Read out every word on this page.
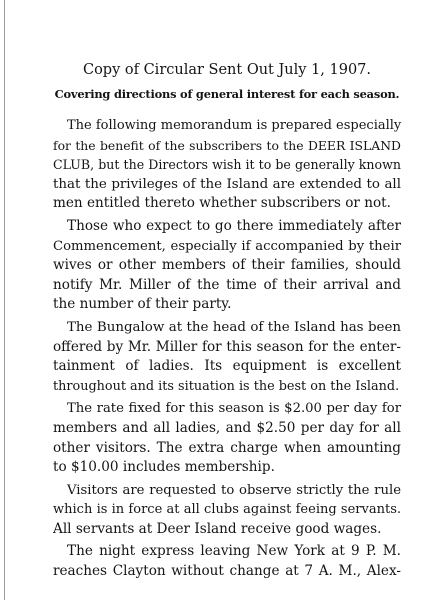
Copy of Circular Sent Out July 1, 1907.
Covering directions of general interest for each season.
The following memorandum is prepared especially
for the benefit of the subscribers to the DEER ISLAND
CLUB, but the Directors wish it to be generally known
that the privileges of the Island are extended to all
men entitled thereto whether subscribers or not.
Those who expect to go there immediately after
Commencement, especially if accompanied by their
wives or other members of their families, should
notify Mr. Miller of the time of their arrival and
the number of their party.
The Bungalow at the head of the Island has been
offered by Mr. Miller for this season for the enter-
tainment of ladies. Its equipment is excellent
throughout and its situation is the best on the Island.
The rate fixed for this season is $2.00 per day for
members and all ladies, and $2.50 per day for all
other visitors. The extra charge when amounting
to $10.00 includes membership.
Visitors are requested to observe strictly the rule
which is in force at all clubs against feeing servants.
All servants at Deer Island receive good wages.
The night express leaving New York at 9 P. M.
reaches Clayton without change at 7 A. M., Alex-
